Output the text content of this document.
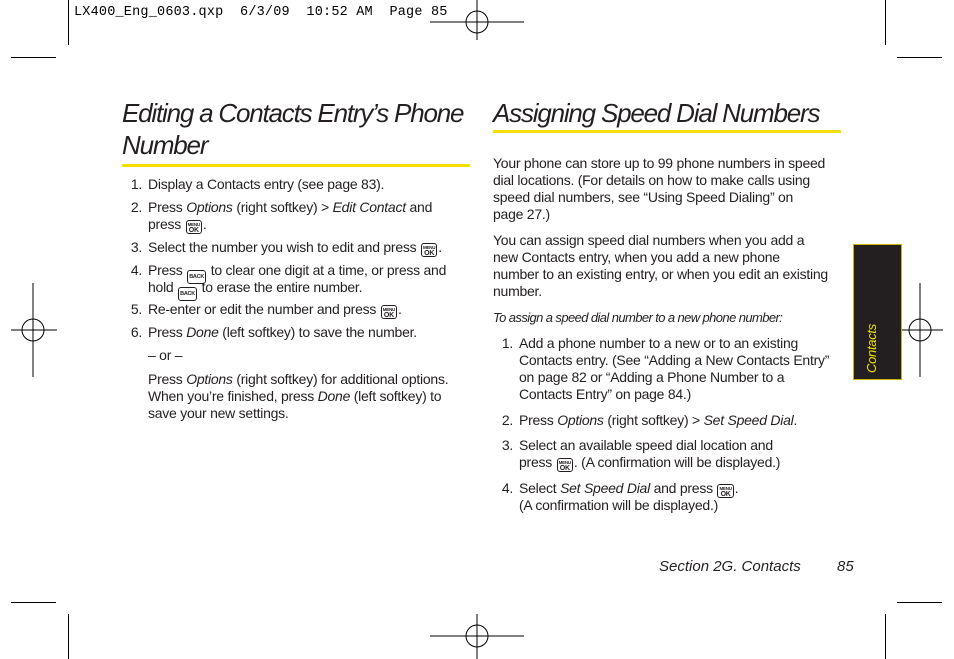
LX400_Eng_0603.qxp  6/3/09  10:52 AM  Page 85
Editing a Contacts Entry’s Phone Number
1. Display a Contacts entry (see page 83).
2. Press Options (right softkey) > Edit Contact and
press MENU
OK .
3. Select the number you wish to edit and press MENU
OK .
4. Press BACK to clear one digit at a time, or press and
hold BACK to erase the entire number.
5. Re-enter or edit the number and press MENU
OK .
6. Press Done (left softkey) to save the number.
– or –
Press Options (right softkey) for additional options.
When you’re finished, press Done (left softkey) to
save your new settings.
Assigning Speed Dial Numbers
Your phone can store up to 99 phone numbers in speed
dial locations. (For details on how to make calls using
speed dial numbers, see “Using Speed Dialing” on
page 27.)
You can assign speed dial numbers when you add a
new Contacts entry, when you add a new phone
number to an existing entry, or when you edit an existing
number.
To assign a speed dial number to a new phone number:
1. Add a phone number to a new or to an existing
Contacts entry. (See “Adding a New Contacts Entry”
on page 82 or “Adding a Phone Number to a
Contacts Entry” on page 84.)
2. Press Options (right softkey) > Set Speed Dial.
3. Select an available speed dial location and
press MENU
OK . (A confirmation will be displayed.)
4. Select Set Speed Dial and press MENU
OK .
(A confirmation will be displayed.)
Contacts
Section 2G. Contacts 85
